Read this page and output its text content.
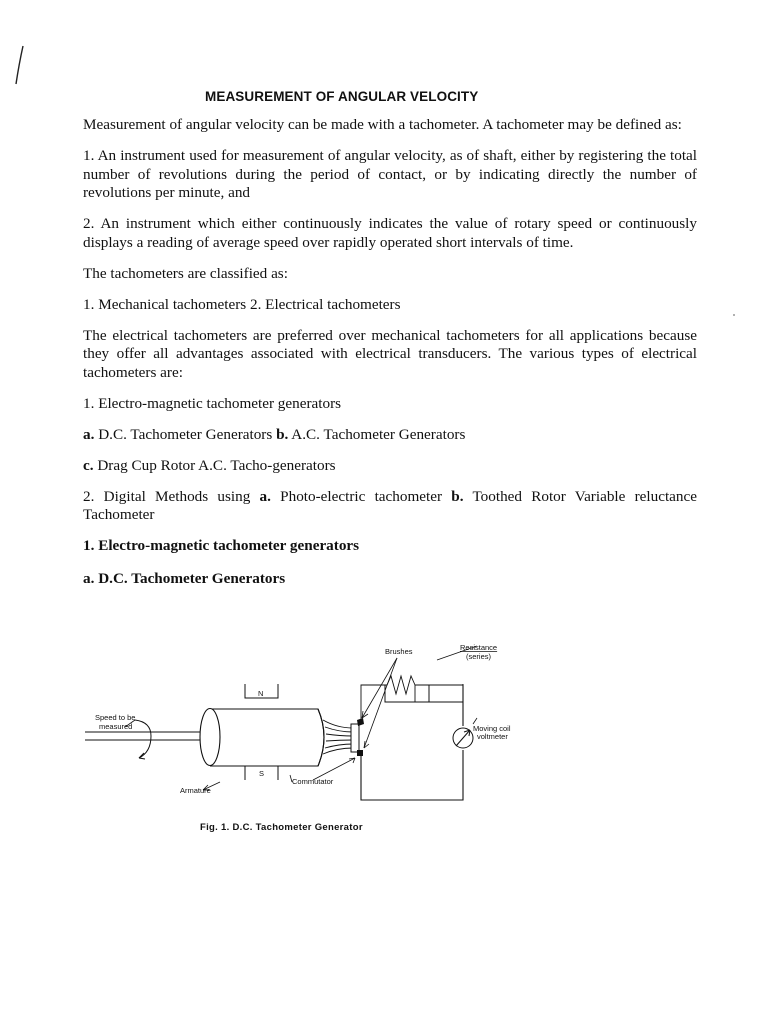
MEASUREMENT OF ANGULAR VELOCITY

Measurement of angular velocity can be made with a tachometer. A tachometer may be defined as:

1. An instrument used for measurement of angular velocity, as of shaft, either by registering the total number of revolutions during the period of contact, or by indicating directly the number of revolutions per minute, and

2. An instrument which either continuously indicates the value of rotary speed or continuously displays a reading of average speed over rapidly operated short intervals of time.

The tachometers are classified as:

1. Mechanical tachometers 2. Electrical tachometers

The electrical tachometers are preferred over mechanical tachometers for all applications because they offer all advantages associated with electrical transducers. The various types of electrical tachometers are:

1. Electro-magnetic tachometer generators

a. D.C. Tachometer Generators b. A.C. Tachometer Generators

c. Drag Cup Rotor A.C. Tacho-generators

2. Digital Methods using a. Photo-electric tachometer b. Toothed Rotor Variable reluctance Tachometer

1. Electro-magnetic tachometer generators

a. D.C. Tachometer Generators

Brushes	Resistance
(series)
N
S
Speed to be
measured	Moving coil
voltmeter
Commutator
Armature
Fig. 1. D.C. Tachometer Generator
